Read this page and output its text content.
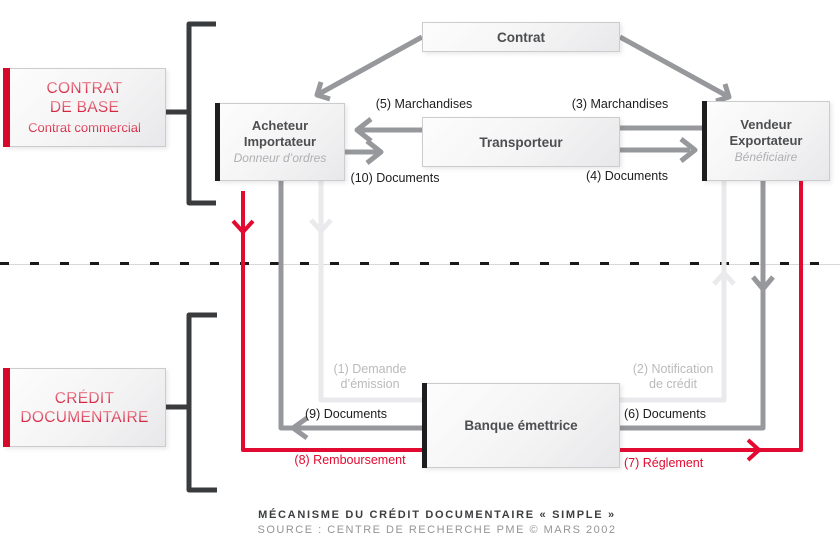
CONTRAT
DE BASE
Contrat commercial
CRÉDIT
DOCUMENTAIRE
Contrat
Transporteur
Acheteur
Importateur
Donneur d’ordres
Vendeur
Exportateur
Bénéficiaire
Banque émettrice
(5) Marchandises	(3) Marchandises
(10) Documents	(4) Documents
(1) Demande
d’émission
(2) Notification
de crédit
(9) Documents	(6) Documents
(8) Remboursement	(7) Réglement
MÉCANISME DU CRÉDIT DOCUMENTAIRE « SIMPLE »
SOURCE : CENTRE DE RECHERCHE PME © MARS 2002
